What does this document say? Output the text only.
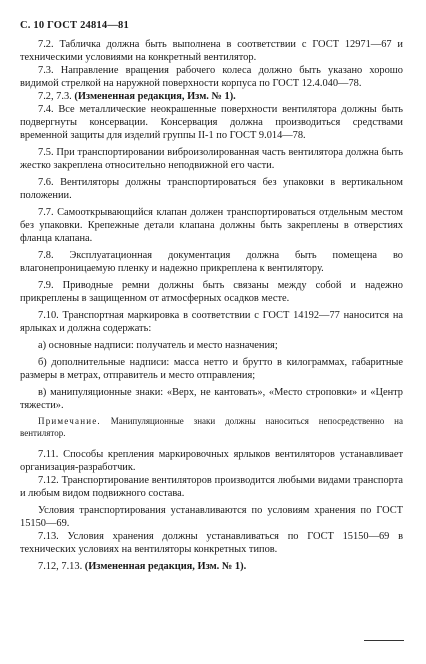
С. 10 ГОСТ 24814—81

7.2. Табличка должна быть выполнена в соответствии с ГОСТ 12971—67 и техническими условиями на конкретный вентилятор.

7.3. Направление вращения рабочего колеса должно быть указано хорошо видимой стрелкой на наружной поверхности корпуса по ГОСТ 12.4.040—78.

7.2, 7.3. (Измененная редакция, Изм. № 1).

7.4. Все металлические неокрашенные поверхности вентилятора должны быть подвергнуты консервации. Консервация должна производиться средствами временной защиты для изделий группы II-1 по ГОСТ 9.014—78.

7.5. При транспортировании виброизолированная часть вентилятора должна быть жестко закреплена относительно неподвижной его части.

7.6. Вентиляторы должны транспортироваться без упаковки в вертикальном положении.

7.7. Самооткрывающийся клапан должен транспортироваться отдельным местом без упаковки. Крепежные детали клапана должны быть закреплены в отверстиях фланца клапана.

7.8. Эксплуатационная документация должна быть помещена во влагонепроницаемую пленку и надежно прикреплена к вентилятору.

7.9. Приводные ремни должны быть связаны между собой и надежно прикреплены в защищенном от атмосферных осадков месте.

7.10. Транспортная маркировка в соответствии с ГОСТ 14192—77 наносится на ярлыках и должна содержать:

а) основные надписи: получатель и место назначения;

б) дополнительные надписи: масса нетто и брутто в килограммах, габаритные размеры в метрах, отправитель и место отправления;

в) манипуляционные знаки: «Верх, не кантовать», «Место строповки» и «Центр тяжести».

Примечание. Манипуляционные знаки должны наноситься непосредственно на вентилятор.

7.11. Способы крепления маркировочных ярлыков вентиляторов устанавливает организация-разработчик.

7.12. Транспортирование вентиляторов производится любыми видами транспорта и любым видом подвижного состава.

Условия транспортирования устанавливаются по условиям хранения по ГОСТ 15150—69.

7.13. Условия хранения должны устанавливаться по ГОСТ 15150—69 в технических условиях на вентиляторы конкретных типов.

7.12, 7.13. (Измененная редакция, Изм. № 1).
